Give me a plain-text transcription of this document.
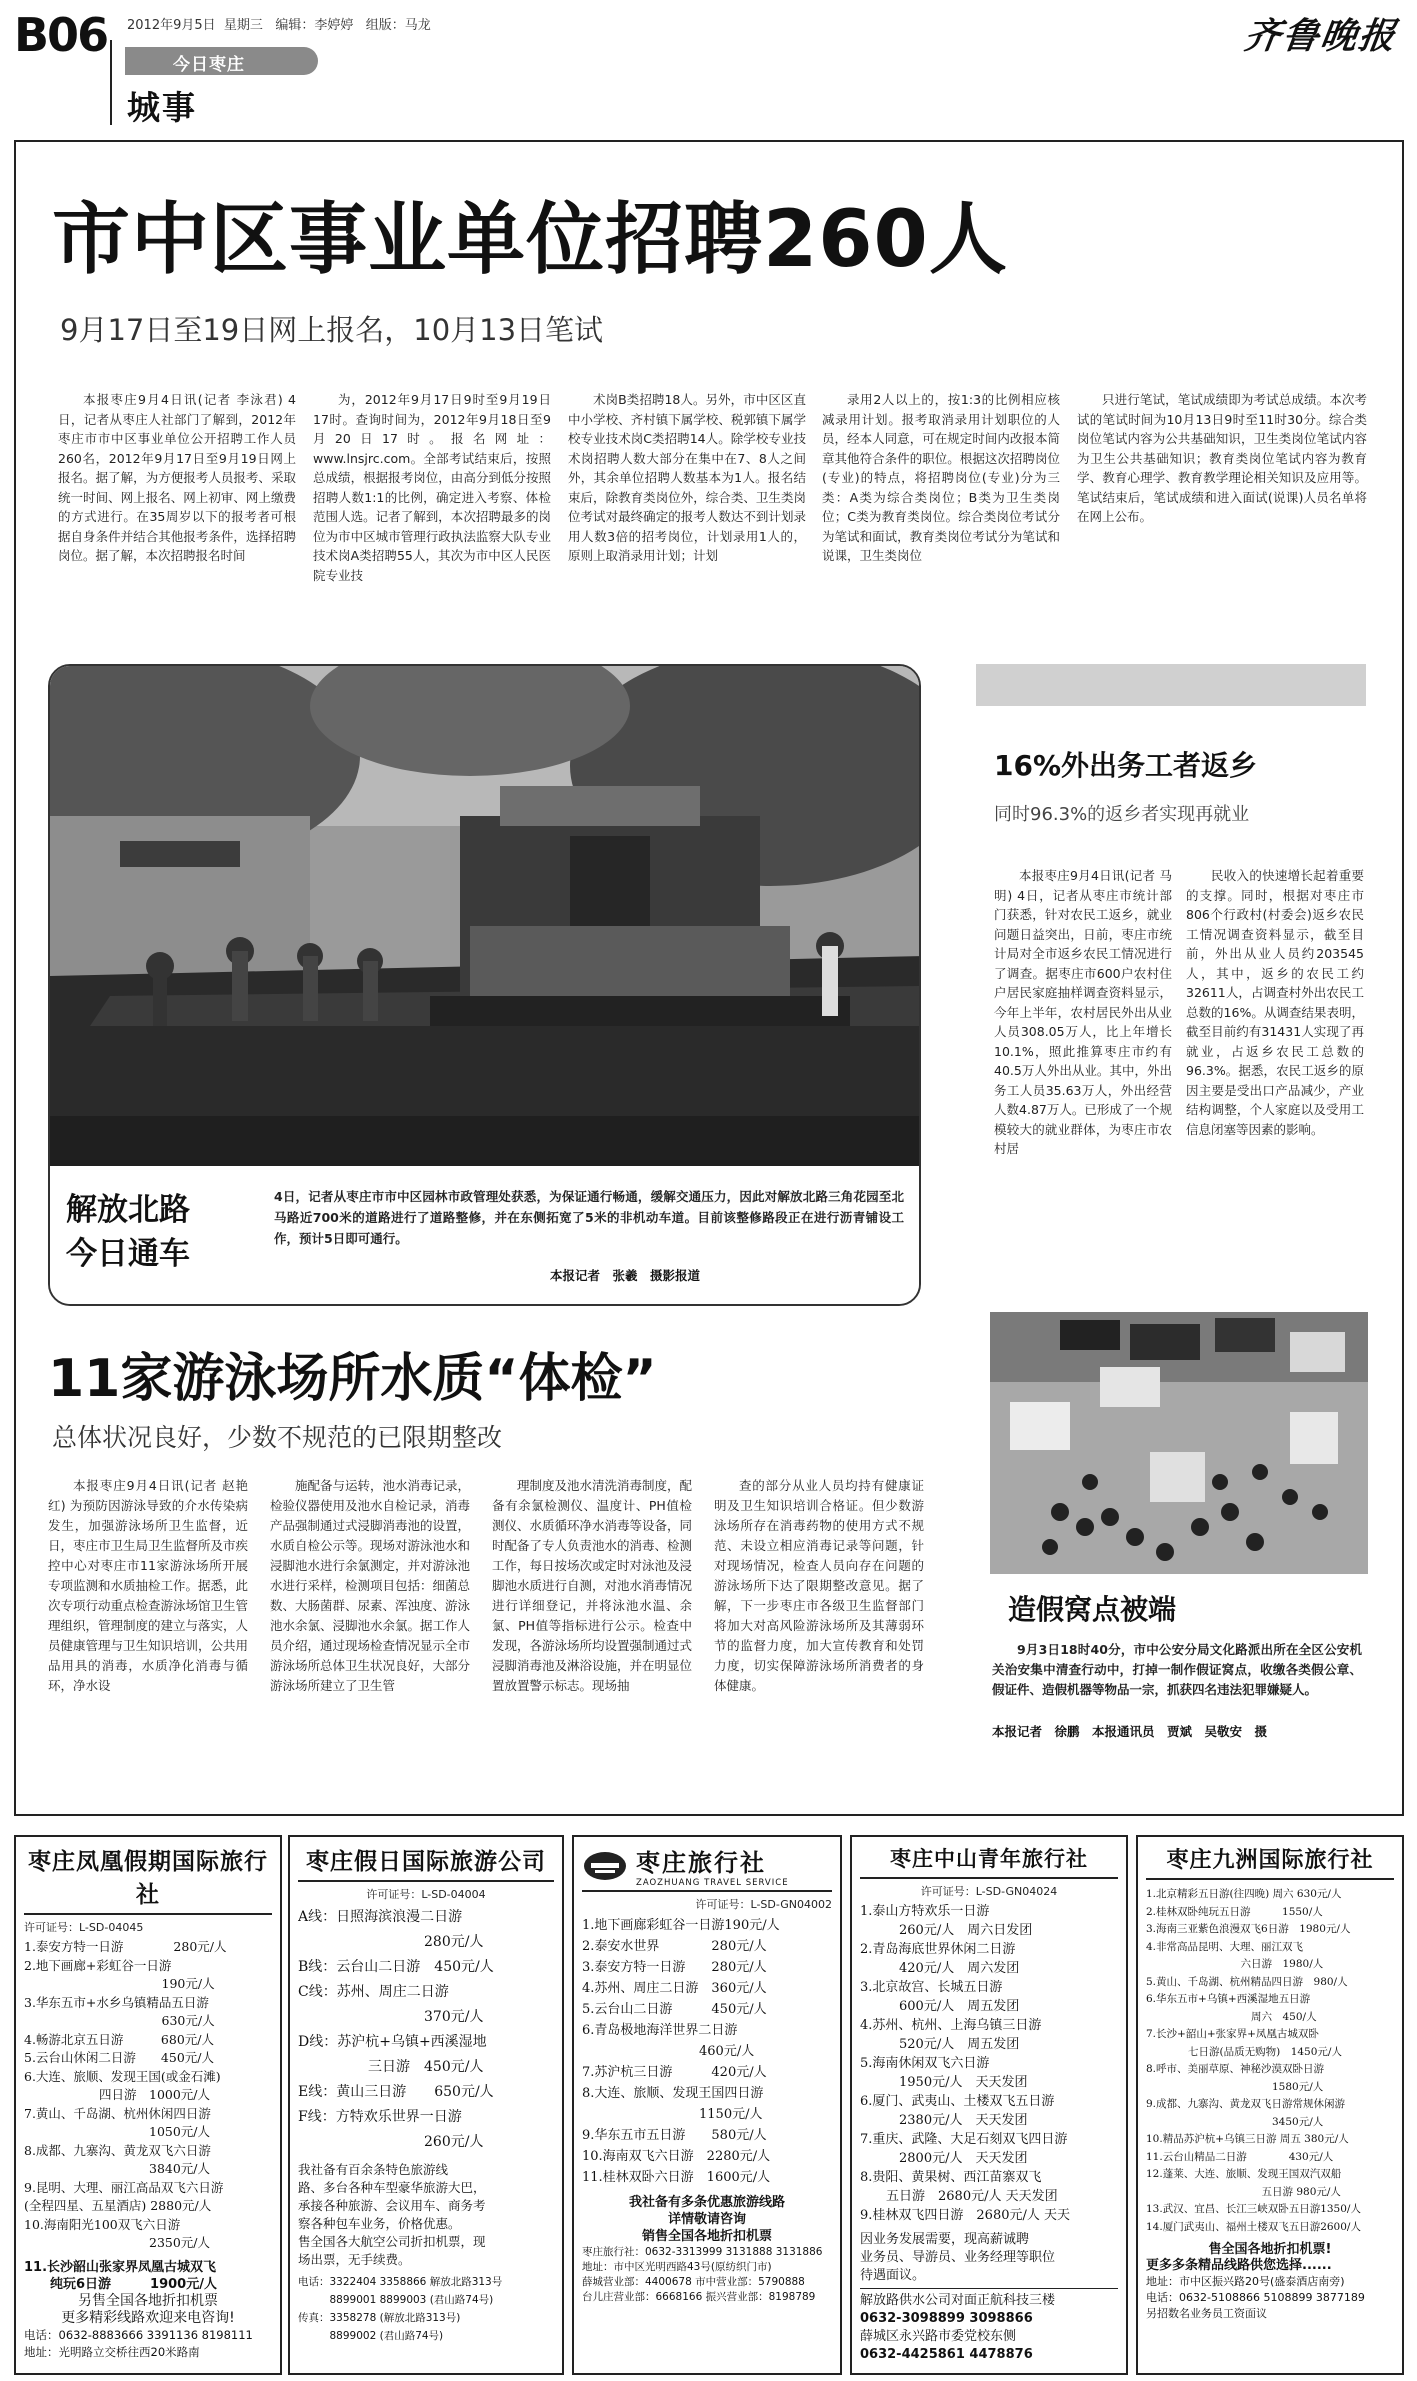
B06 2012年9月5日 星期三 编辑：李婷婷 组版：马龙
今日枣庄
城事
齐鲁晚报
市中区事业单位招聘260人
9月17日至19日网上报名，10月13日笔试

本报枣庄9月4日讯(记者 李泳君) 4日，记者从枣庄人社部门了解到，2012年枣庄市市中区事业单位公开招聘工作人员260名，2012年9月17日至9月19日网上报名。据了解，为方便报考人员报考、采取统一时间、网上报名、网上初审、网上缴费的方式进行。在35周岁以下的报考者可根据自身条件并结合其他报考条件，选择招聘岗位。据了解，本次招聘报名时间

为，2012年9月17日9时至9月19日17时。查询时间为，2012年9月18日至9月20日17时。报名网址：www.lnsjrc.com。全部考试结束后，按照总成绩，根据报考岗位，由高分到低分按照招聘人数1:1的比例，确定进入考察、体检范围人选。记者了解到，本次招聘最多的岗位为市中区城市管理行政执法监察大队专业技术岗A类招聘55人，其次为市中区人民医院专业技

术岗B类招聘18人。另外，市中区区直中小学校、齐村镇下属学校、税郭镇下属学校专业技术岗C类招聘14人。除学校专业技术岗招聘人数大部分在集中在7、8人之间外，其余单位招聘人数基本为1人。报名结束后，除教育类岗位外，综合类、卫生类岗位考试对最终确定的报考人数达不到计划录用人数3倍的招考岗位，计划录用1人的，原则上取消录用计划；计划

录用2人以上的，按1:3的比例相应核减录用计划。报考取消录用计划职位的人员，经本人同意，可在规定时间内改报本简章其他符合条件的职位。根据这次招聘岗位(专业)的特点，将招聘岗位(专业)分为三类：A类为综合类岗位；B类为卫生类岗位；C类为教育类岗位。综合类岗位考试分为笔试和面试，教育类岗位考试分为笔试和说课，卫生类岗位

只进行笔试，笔试成绩即为考试总成绩。本次考试的笔试时间为10月13日9时至11时30分。综合类岗位笔试内容为公共基础知识，卫生类岗位笔试内容为卫生公共基础知识；教育类岗位笔试内容为教育学、教育心理学、教育教学理论相关知识及应用等。笔试结束后，笔试成绩和进入面试(说课)人员名单将在网上公布。

解放北路
今日通车
4日，记者从枣庄市市中区园林市政管理处获悉，为保证通行畅通，缓解交通压力，因此对解放北路三角花园至北马路近700米的道路进行了道路整修，并在东侧拓宽了5米的非机动车道。目前该整修路段正在进行沥青铺设工作，预计5日即可通行。
本报记者　张羲　摄影报道
16%外出务工者返乡
同时96.3%的返乡者实现再就业

本报枣庄9月4日讯(记者 马明) 4日，记者从枣庄市统计部门获悉，针对农民工返乡，就业问题日益突出，日前，枣庄市统计局对全市返乡农民工情况进行了调查。据枣庄市600户农村住户居民家庭抽样调查资料显示，今年上半年，农村居民外出从业人员308.05万人，比上年增长10.1%，照此推算枣庄市约有40.5万人外出从业。其中，外出务工人员35.63万人，外出经营人数4.87万人。已形成了一个规模较大的就业群体，为枣庄市农村居

民收入的快速增长起着重要的支撑。同时，根据对枣庄市806个行政村(村委会)返乡农民工情况调查资料显示，截至目前，外出从业人员约203545人，其中，返乡的农民工约32611人，占调查村外出农民工总数的16%。从调查结果表明，截至目前约有31431人实现了再就业，占返乡农民工总数的96.3%。据悉，农民工返乡的原因主要是受出口产品减少，产业结构调整，个人家庭以及受用工信息闭塞等因素的影响。

造假窝点被端
9月3日18时40分，市中公安分局文化路派出所在全区公安机关治安集中清查行动中，打掉一制作假证窝点，收缴各类假公章、假证件、造假机器等物品一宗，抓获四名违法犯罪嫌疑人。
本报记者　徐鹏　本报通讯员　贾斌　吴敬安　摄
11家游泳场所水质“体检”
总体状况良好，少数不规范的已限期整改

本报枣庄9月4日讯(记者 赵艳红) 为预防因游泳导致的介水传染病发生，加强游泳场所卫生监督，近日，枣庄市卫生局卫生监督所及市疾控中心对枣庄市11家游泳场所开展专项监测和水质抽检工作。据悉，此次专项行动重点检查游泳场馆卫生管理组织，管理制度的建立与落实，人员健康管理与卫生知识培训，公共用品用具的消毒，水质净化消毒与循环，净水设

施配备与运转，池水消毒记录，检验仪器使用及池水自检记录，消毒产品强制通过式浸脚消毒池的设置，水质自检公示等。现场对游泳池水和浸脚池水进行余氯测定，并对游泳池水进行采样，检测项目包括：细菌总数、大肠菌群、尿素、浑浊度、游泳池水余氯、浸脚池水余氯。据工作人员介绍，通过现场检查情况显示全市游泳场所总体卫生状况良好，大部分游泳场所建立了卫生管

理制度及池水清洗消毒制度，配备有余氯检测仪、温度计、PH值检测仪、水质循环净水消毒等设备，同时配备了专人负责池水的消毒、检测工作，每日按场次或定时对泳池及浸脚池水质进行自测，对池水消毒情况进行详细登记，并将泳池水温、余氯、PH值等指标进行公示。检查中发现，各游泳场所均设置强制通过式浸脚消毒池及淋浴设施，并在明显位置放置警示标志。现场抽

查的部分从业人员均持有健康证明及卫生知识培训合格证。但少数游泳场所存在消毒药物的使用方式不规范、未设立相应消毒记录等问题，针对现场情况，检查人员向存在问题的游泳场所下达了限期整改意见。据了解，下一步枣庄市各级卫生监督部门将加大对高风险游泳场所及其薄弱环节的监督力度，加大宣传教育和处罚力度，切实保障游泳场所消费者的身体健康。

枣庄凤凰假期国际旅行社
许可证号：L-SD-04045
1.泰安方特一日游　　　　280元/人
2.地下画廊+彩虹谷一日游
　　　　　　　　　　　190元/人
3.华东五市+水乡乌镇精品五日游
　　　　　　　　　　　630元/人
4.畅游北京五日游　　　680元/人
5.云台山休闲二日游　　450元/人
6.大连、旅顺、发现王国(或金石滩)
　　　　　　四日游　1000元/人
7.黄山、千岛湖、杭州休闲四日游
　　　　　　　　　　1050元/人
8.成都、九寨沟、黄龙双飞六日游
　　　　　　　　　　3840元/人
9.昆明、大理、丽江高品双飞六日游
(全程四星、五星酒店) 2880元/人
10.海南阳光100双飞六日游
　　　　　　　　　　2350元/人
11.长沙韶山张家界凤凰古城双飞
　　纯玩6日游　　　1900元/人
另售全国各地折扣机票
更多精彩线路欢迎来电咨询!
电话：0632-8883666 3391136 8198111
地址：光明路立交桥往西20米路南
枣庄假日国际旅游公司
许可证号：L-SD-04004
A线：日照海滨浪漫二日游
　　　　　　　　　280元/人
B线：云台山二日游　450元/人
C线：苏州、周庄二日游
　　　　　　　　　370元/人
D线：苏沪杭+乌镇+西溪湿地
　　　　　三日游　450元/人
E线：黄山三日游　　650元/人
F线：方特欢乐世界一日游
　　　　　　　　　260元/人
我社备有百余条特色旅游线
路、多台各种车型豪华旅游大巴，
承接各种旅游、会议用车、商务考
察各种包车业务，价格优惠。
售全国各大航空公司折扣机票，现
场出票，无手续费。
电话：3322404 3358866 解放北路313号
　　　8899001 8899003 (君山路74号)
传真：3358278 (解放北路313号)
　　　8899002 (君山路74号)
枣庄旅行社
ZAOZHUANG TRAVEL SERVICE
许可证号：L-SD-GN04002
1.地下画廊彩虹谷一日游190元/人
2.泰安水世界　　　　280元/人
3.泰安方特一日游　　280元/人
4.苏州、周庄二日游　360元/人
5.云台山二日游　　　450元/人
6.青岛极地海洋世界二日游
　　　　　　　　　460元/人
7.苏沪杭三日游　　　420元/人
8.大连、旅顺、发现王国四日游
　　　　　　　　　1150元/人
9.华东五市五日游　　580元/人
10.海南双飞六日游　2280元/人
11.桂林双卧六日游　1600元/人
我社备有多条优惠旅游线路
详情敬请咨询
销售全国各地折扣机票
枣庄旅行社：0632-3313999 3131888 3131886
地址：市中区光明西路43号(原纺织门市)
薛城营业部：4400678 市中营业部：5790888
台儿庄营业部：6668166 振兴营业部：8198789
枣庄中山青年旅行社
许可证号：L-SD-GN04024
1.泰山方特欢乐一日游
　　　260元/人　周六日发团
2.青岛海底世界休闲二日游
　　　420元/人　周六发团
3.北京故宫、长城五日游
　　　600元/人　周五发团
4.苏州、杭州、上海乌镇三日游
　　　520元/人　周五发团
5.海南休闲双飞六日游
　　　1950元/人　天天发团
6.厦门、武夷山、土楼双飞五日游
　　　2380元/人　天天发团
7.重庆、武隆、大足石刻双飞四日游
　　　2800元/人　天天发团
8.贵阳、黄果树、西江苗寨双飞
　　五日游　2680元/人 天天发团
9.桂林双飞四日游　2680元/人 天天
因业务发展需要，现高薪诚聘
业务员、导游员、业务经理等职位
待遇面议。
解放路供水公司对面正航科技三楼
0632-3098899 3098866
薛城区永兴路市委党校东侧
0632-4425861 4478876
枣庄九洲国际旅行社
1.北京精彩五日游(往四晚) 周六 630元/人
2.桂林双卧纯玩五日游　　　1550/人
3.海南三亚紫色浪漫双飞6日游　1980元/人
4.非常高品昆明、大理、丽江双飞
　　　　　　　　　六日游　1980/人
5.黄山、千岛湖、杭州精品四日游　980/人
6.华东五市+乌镇+西溪湿地五日游
　　　　　　　　　　周六　450/人
7.长沙+韶山+张家界+凤凰古城双卧
　　　　七日游(品质无购物)　1450元/人
8.呼市、美丽草原、神秘沙漠双卧日游
　　　　　　　　　　　　1580元/人
9.成都、九寨沟、黄龙双飞日游常规休闲游
　　　　　　　　　　　　3450元/人
10.精品苏沪杭+乌镇三日游 周五 380元/人
11.云台山精品二日游　　　　430元/人
12.蓬莱、大连、旅顺、发现王国双汽双船
　　　　　　　　　　　五日游 980元/人
13.武汉、宜昌、长江三峡双卧五日游1350/人
14.厦门武夷山、福州土楼双飞五日游2600/人
售全国各地折扣机票!
更多多条精品线路供您选择......
地址：市中区振兴路20号(盛泰酒店南旁)
电话：0632-5108866 5108899 3877189
另招数名业务员工资面议
